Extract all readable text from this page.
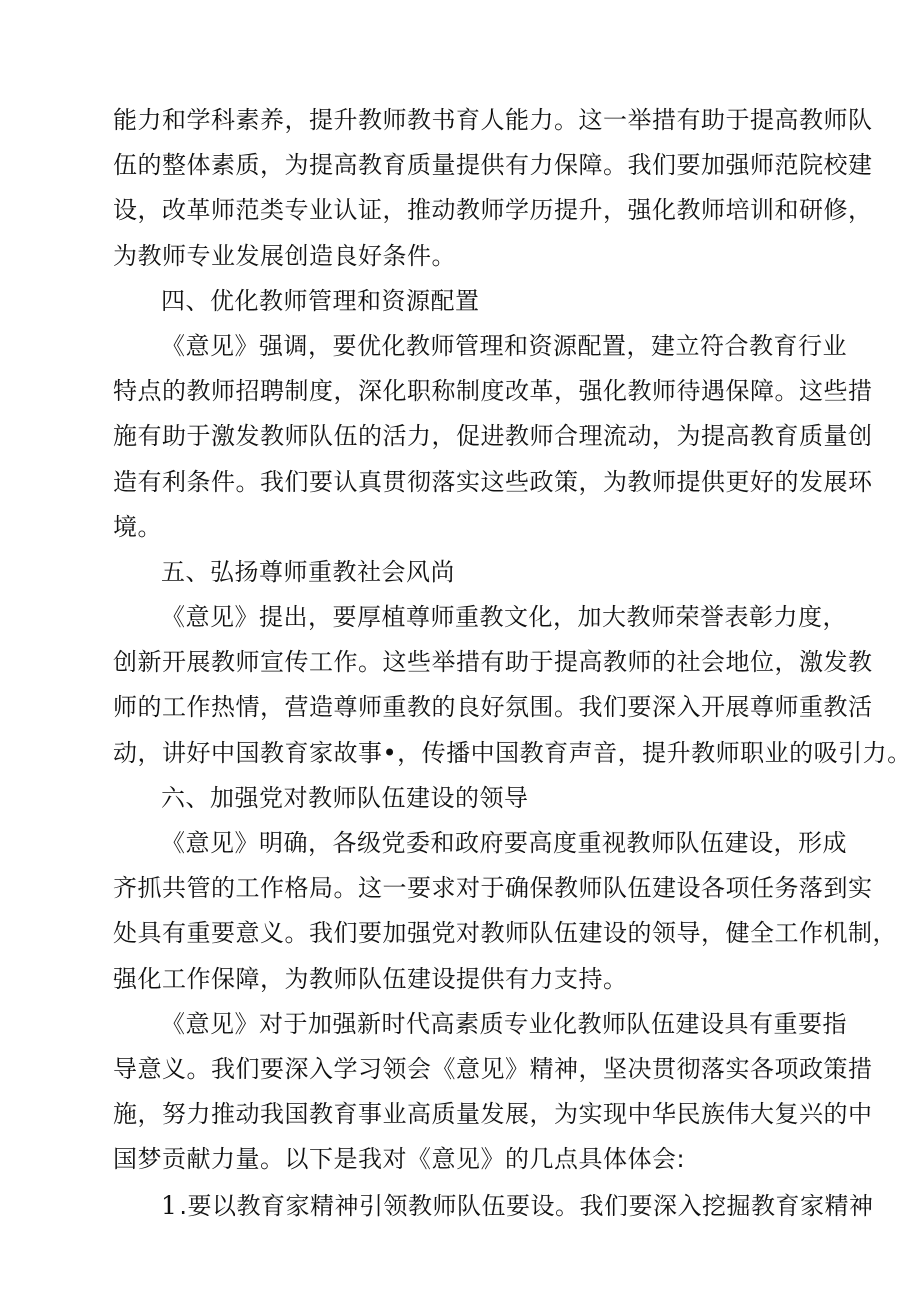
能力和学科素养，提升教师教书育人能力。这一举措有助于提高教师队
伍的整体素质，为提高教育质量提供有力保障。我们要加强师范院校建
设，改革师范类专业认证，推动教师学历提升，强化教师培训和研修，
为教师专业发展创造良好条件。
四、优化教师管理和资源配置
《意见》强调，要优化教师管理和资源配置，建立符合教育行业
特点的教师招聘制度，深化职称制度改革，强化教师待遇保障。这些措
施有助于激发教师队伍的活力，促进教师合理流动，为提高教育质量创
造有利条件。我们要认真贯彻落实这些政策，为教师提供更好的发展环
境。
五、弘扬尊师重教社会风尚
《意见》提出，要厚植尊师重教文化，加大教师荣誉表彰力度，
创新开展教师宣传工作。这些举措有助于提高教师的社会地位，激发教
师的工作热情，营造尊师重教的良好氛围。我们要深入开展尊师重教活
动，讲好中国教育家故事•，传播中国教育声音，提升教师职业的吸引力。
六、加强党对教师队伍建设的领导
《意见》明确，各级党委和政府要高度重视教师队伍建设，形成
齐抓共管的工作格局。这一要求对于确保教师队伍建设各项任务落到实
处具有重要意义。我们要加强党对教师队伍建设的领导，健全工作机制，
强化工作保障，为教师队伍建设提供有力支持。
《意见》对于加强新时代高素质专业化教师队伍建设具有重要指
导意义。我们要深入学习领会《意见》精神，坚决贯彻落实各项政策措
施，努力推动我国教育事业高质量发展，为实现中华民族伟大复兴的中
国梦贡献力量。以下是我对《意见》的几点具体体会:
1.要以教育家精神引领教师队伍要设。我们要深入挖掘教育家精神
